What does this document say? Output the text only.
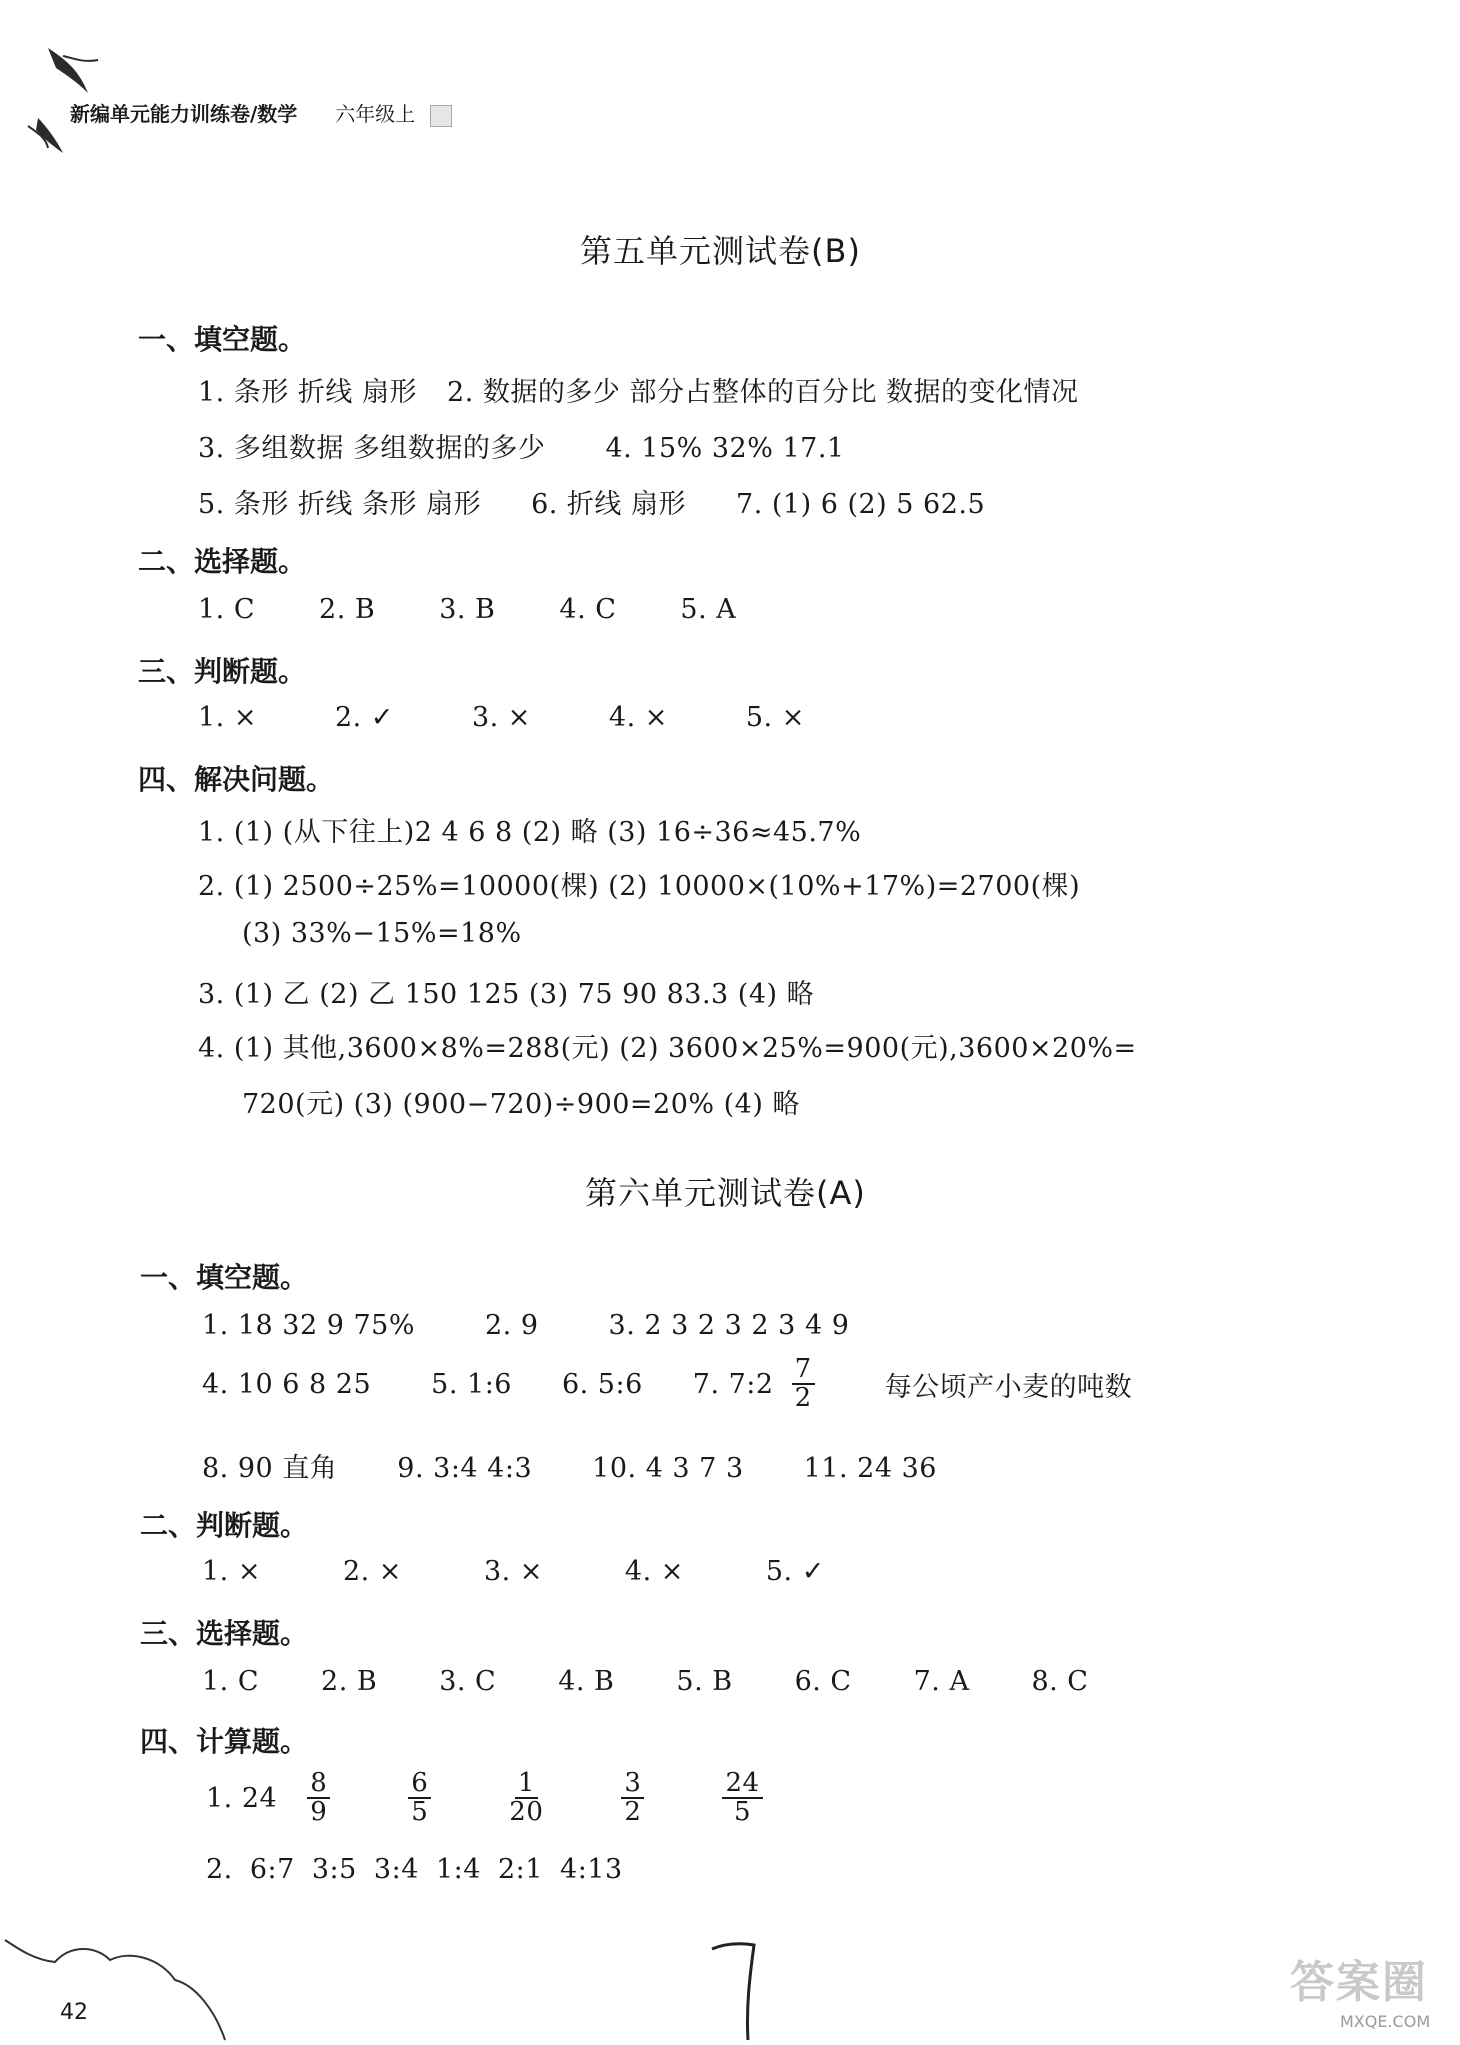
新编单元能力训练卷/数学 六年级上
第五单元测试卷(B)
一、填空题。
1. 条形 折线 扇形 2. 数据的多少 部分占整体的百分比 数据的变化情况
3. 多组数据 多组数据的多少 4. 15% 32% 17.1
5. 条形 折线 条形 扇形 6. 折线 扇形 7. (1) 6 (2) 5 62.5
二、选择题。
1. C 2. B 3. B 4. C 5. A
三、判断题。
1. ×	2. ✓	3. ×	4. ×	5. ×
四、解决问题。
1. (1) (从下往上)2 4 6 8 (2) 略 (3) 16÷36≈45.7%
2. (1) 2500÷25%=10000(棵) (2) 10000×(10%+17%)=2700(棵)
(3) 33%−15%=18%
3. (1) 乙 (2) 乙 150 125 (3) 75 90 83.3 (4) 略
4. (1) 其他,3600×8%=288(元) (2) 3600×25%=900(元),3600×20%=
720(元) (3) (900−720)÷900=20% (4) 略
第六单元测试卷(A)
一、填空题。
1. 18 32 9 75%	2. 9	3. 2 3 2 3 2 3 4 9
4. 10 6 8 25 5. 1:6 6. 5:6 7. 7:2 $\frac{7}{2}$ 每公顷产小麦的吨数
8. 90 直角 9. 3:4 4:3 10. 4 3 7 3 11. 24 36
二、判断题。
1. ×	2. ×	3. ×	4. ×	5. ✓
三、选择题。
1. C 2. B 3. C 4. B 5. B 6. C 7. A 8. C
四、计算题。
1. $24 \frac{8}{9} \frac{6}{5} \frac{1}{20} \frac{3}{2} \frac{24}{5}$
2. 6:7 3:5 3:4 1:4 2:1 4:13
42
答案圈
MXQE.COM
